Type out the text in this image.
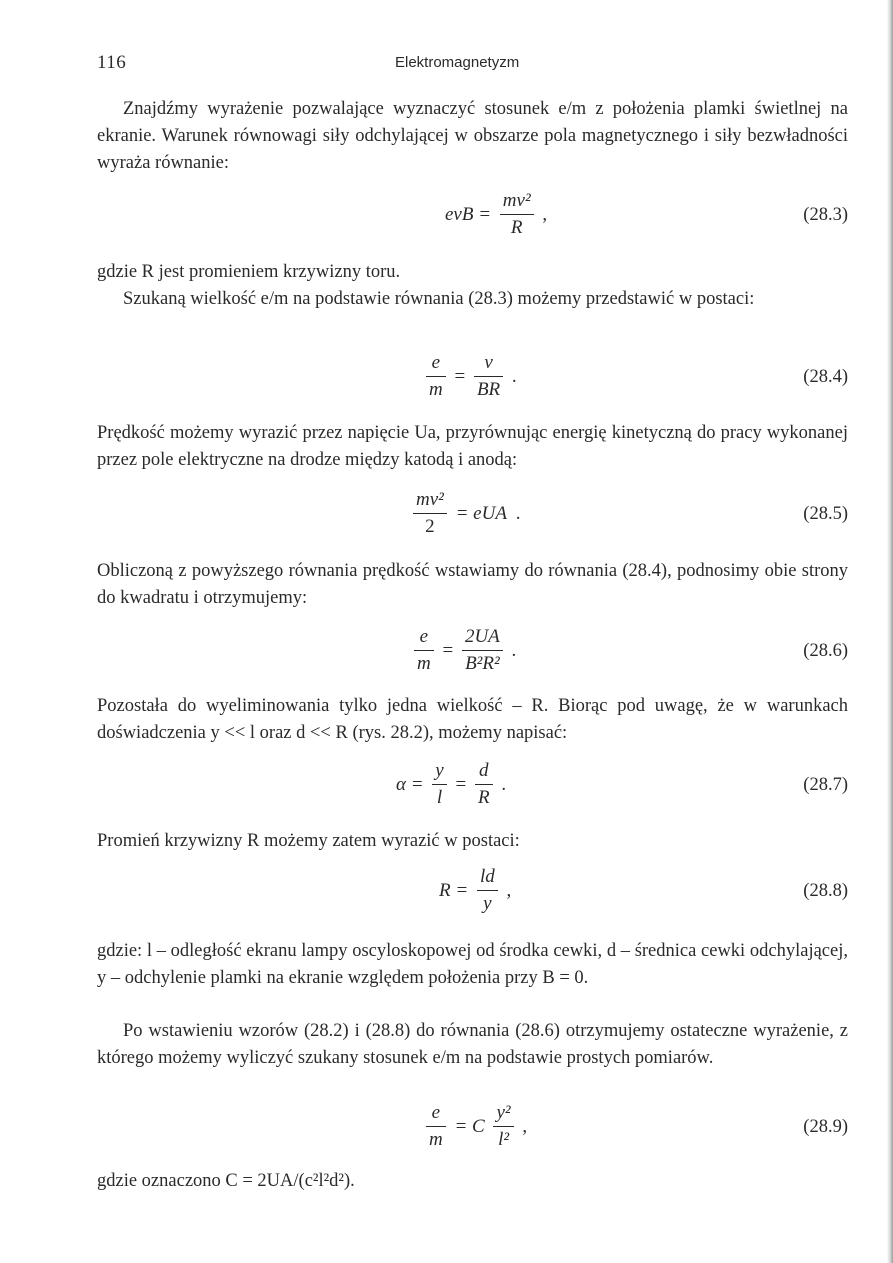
116	Elektromagnetyzm

Znajdźmy wyrażenie pozwalające wyznaczyć stosunek e/m z położenia plamki świetlnej na ekranie. Warunek równowagi siły odchylającej w obszarze pola magnetycznego i siły bezwładności wyraża równanie:

evB = $\frac{\text{mv²}}{R}$ ,	(28.3)

gdzie R jest promieniem krzywizny toru.

Szukaną wielkość e/m na podstawie równania (28.3) możemy przedstawić w postaci:

$\frac{e}{m} = \frac{v}{BR}$ .	(28.4)

Prędkość możemy wyrazić przez napięcie Ua, przyrównując energię kinetyczną do pracy wykonanej przez pole elektryczne na drodze między katodą i anodą:

$\frac{\text{mv²}}{2}$ = eUA .	(28.5)

Obliczoną z powyższego równania prędkość wstawiamy do równania (28.4), podnosimy obie strony do kwadratu i otrzymujemy:

$\frac{e}{m} = \frac{2UA}{\text{B²R²}}$ .	(28.6)

Pozostała do wyeliminowania tylko jedna wielkość – R. Biorąc pod uwagę, że w warunkach doświadczenia y << l oraz d << R (rys. 28.2), możemy napisać:

$\alpha = \frac{y}{l} = \frac{d}{R}$ .	(28.7)

Promień krzywizny R możemy zatem wyrazić w postaci:

$R = \frac{ld}{y}$ ,	(28.8)

gdzie: l – odległość ekranu lampy oscyloskopowej od środka cewki, d – średnica cewki odchylającej, y – odchylenie plamki na ekranie względem położenia przy B = 0.

Po wstawieniu wzorów (28.2) i (28.8) do równania (28.6) otrzymujemy ostateczne wyrażenie, z którego możemy wyliczyć szukany stosunek e/m na podstawie prostych pomiarów.

$\frac{e}{m} = C \frac{\text{y²}}{\text{l²}}$ ,	(28.9)

gdzie oznaczono C = 2UA/(c²l²d²).
